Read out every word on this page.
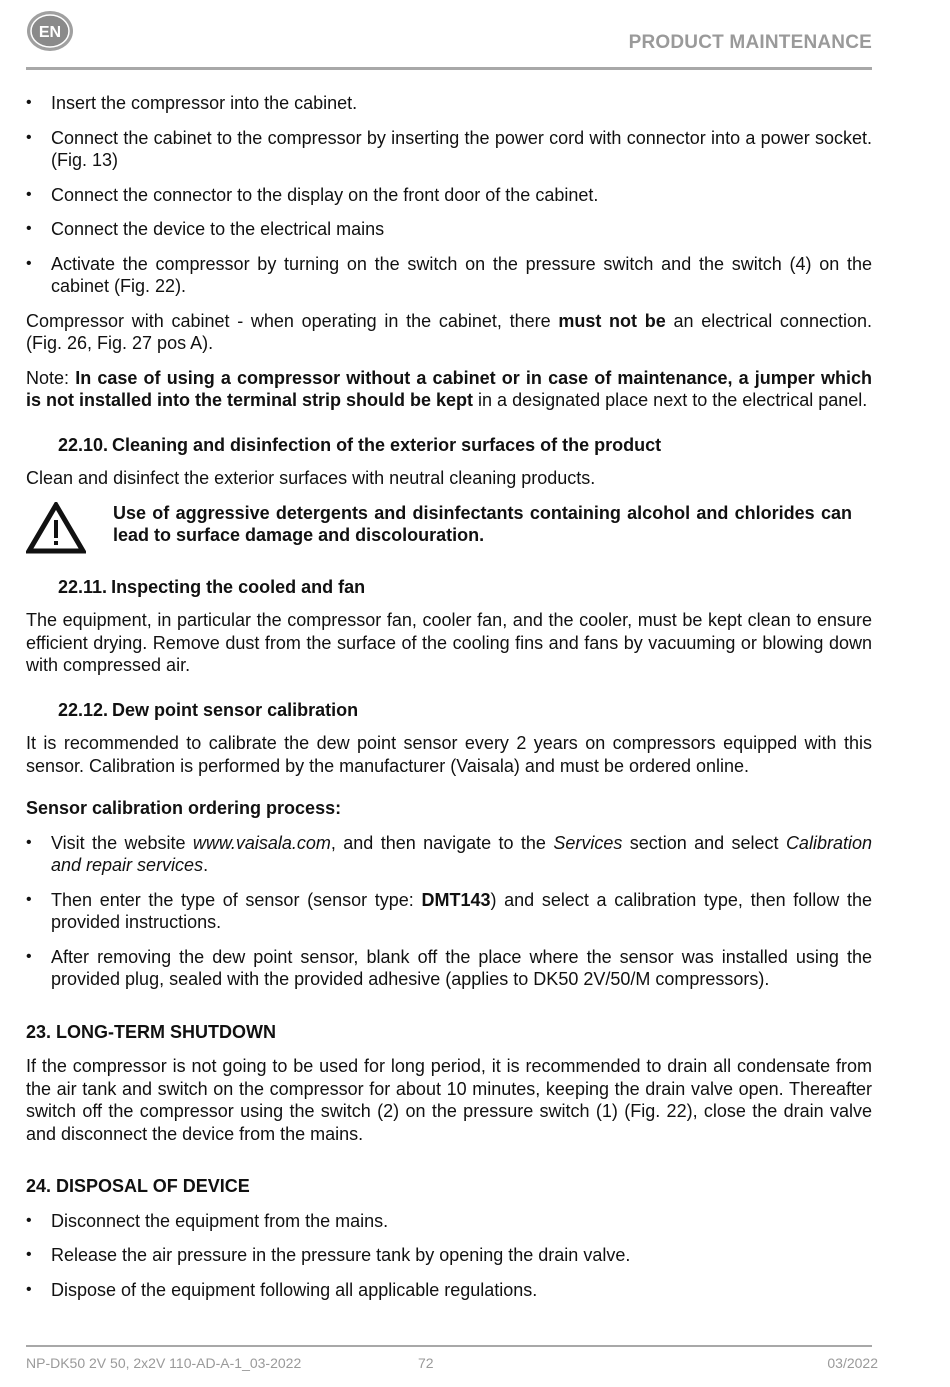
EN	PRODUCT MAINTENANCE
• Insert the compressor into the cabinet.
• Connect the cabinet to the compressor by inserting the power cord with connector into a power socket. (Fig. 13)
• Connect the connector to the display on the front door of the cabinet.
• Connect the device to the electrical mains
• Activate the compressor by turning on the switch on the pressure switch and the switch (4) on the cabinet (Fig. 22).

Compressor with cabinet - when operating in the cabinet, there must not be an electrical connection. (Fig. 26, Fig. 27 pos A).

Note: In case of using a compressor without a cabinet or in case of maintenance, a jumper which is not installed into the terminal strip should be kept in a designated place next to the electrical panel.

22.10. Cleaning and disinfection of the exterior surfaces of the product

Clean and disinfect the exterior surfaces with neutral cleaning products.

Use of aggressive detergents and disinfectants containing alcohol and chlorides can lead to surface damage and discolouration.
22.11. Inspecting the cooled and fan

The equipment, in particular the compressor fan, cooler fan, and the cooler, must be kept clean to ensure efficient drying. Remove dust from the surface of the cooling fins and fans by vacuuming or blowing down with compressed air.

22.12. Dew point sensor calibration

It is recommended to calibrate the dew point sensor every 2 years on compressors equipped with this sensor. Calibration is performed by the manufacturer (Vaisala) and must be ordered online.

Sensor calibration ordering process:
• Visit the website www.vaisala.com, and then navigate to the Services section and select Calibration and repair services.
• Then enter the type of sensor (sensor type: DMT143) and select a calibration type, then follow the provided instructions.
• After removing the dew point sensor, blank off the place where the sensor was installed using the provided plug, sealed with the provided adhesive (applies to DK50 2V/50/M compressors).
23. LONG-TERM SHUTDOWN

If the compressor is not going to be used for long period, it is recommended to drain all condensate from the air tank and switch on the compressor for about 10 minutes, keeping the drain valve open. Thereafter switch off the compressor using the switch (2) on the pressure switch (1) (Fig. 22), close the drain valve and disconnect the device from the mains.

24. DISPOSAL OF DEVICE
• Disconnect the equipment from the mains.
• Release the air pressure in the pressure tank by opening the drain valve.
• Dispose of the equipment following all applicable regulations.
NP-DK50 2V 50, 2x2V 110-AD-A-1_03-2022	72	03/2022
